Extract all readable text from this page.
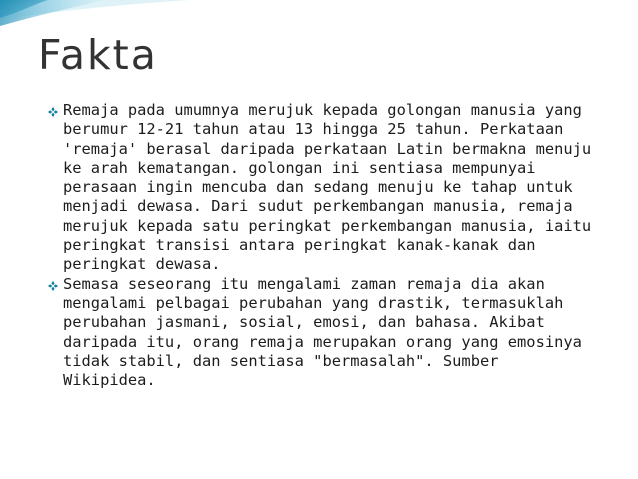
Fakta
Remaja pada umumnya merujuk kepada golongan manusia yang berumur 12-21 tahun atau 13 hingga 25 tahun. Perkataan 'remaja' berasal daripada perkataan Latin bermakna menuju ke arah kematangan. golongan ini sentiasa mempunyai perasaan ingin mencuba dan sedang menuju ke tahap untuk menjadi dewasa. Dari sudut perkembangan manusia, remaja merujuk kepada satu peringkat perkembangan manusia, iaitu peringkat transisi antara peringkat kanak-kanak dan peringkat dewasa.
Semasa seseorang itu mengalami zaman remaja dia akan mengalami pelbagai perubahan yang drastik, termasuklah perubahan jasmani, sosial, emosi, dan bahasa. Akibat daripada itu, orang remaja merupakan orang yang emosinya tidak stabil, dan sentiasa "bermasalah". Sumber Wikipidea.
